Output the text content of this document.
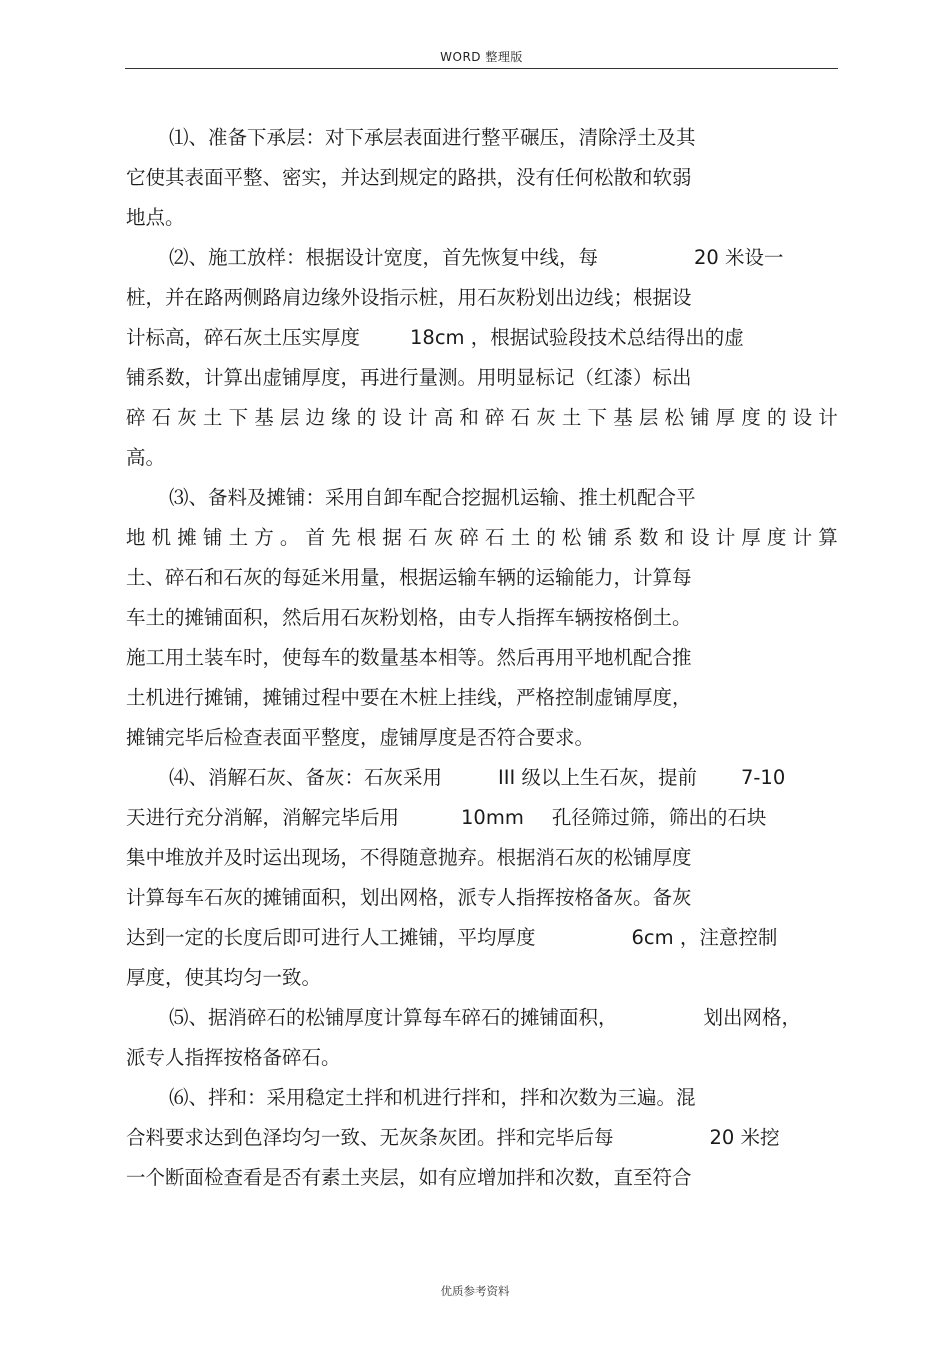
WORD 整理版
⑴、准备下承层：对下承层表面进行整平碾压，清除浮土及其
它使其表面平整、密实，并达到规定的路拱，没有任何松散和软弱
地点。
⑵、施工放样：根据设计宽度，首先恢复中线，每	20 米设一
桩，并在路两侧路肩边缘外设指示桩，用石灰粉划出边线；根据设
计标高，碎石灰土压实厚度	18cm ，根据试验段技术总结得出的虚
铺系数，计算出虚铺厚度，再进行量测。用明显标记（红漆）标出
碎 石 灰 土 下 基 层 边 缘 的 设 计 高 和 碎 石 灰 土 下 基 层 松 铺 厚 度 的 设 计
高。
⑶、备料及摊铺：采用自卸车配合挖掘机运输、推土机配合平
地 机 摊 铺 土 方 。 首 先 根 据 石 灰 碎 石 土 的 松 铺 系 数 和 设 计 厚 度 计 算
土、碎石和石灰的每延米用量，根据运输车辆的运输能力，计算每
车土的摊铺面积，然后用石灰粉划格，由专人指挥车辆按格倒土。
施工用土装车时，使每车的数量基本相等。然后再用平地机配合推
土机进行摊铺，摊铺过程中要在木桩上挂线，严格控制虚铺厚度，
摊铺完毕后检查表面平整度，虚铺厚度是否符合要求。
⑷、消解石灰、备灰：石灰采用	III 级以上生石灰，提前 7-10
天进行充分消解，消解完毕后用	10mm 孔径筛过筛，筛出的石块
集中堆放并及时运出现场，不得随意抛弃。根据消石灰的松铺厚度
计算每车石灰的摊铺面积，划出网格，派专人指挥按格备灰。备灰
达到一定的长度后即可进行人工摊铺，平均厚度	6cm ，注意控制
厚度，使其均匀一致。
⑸、据消碎石的松铺厚度计算每车碎石的摊铺面积，	划出网格，
派专人指挥按格备碎石。
⑹、拌和：采用稳定土拌和机进行拌和，拌和次数为三遍。混
合料要求达到色泽均匀一致、无灰条灰团。拌和完毕后每	20 米挖
一个断面检查看是否有素土夹层，如有应增加拌和次数，直至符合
优质参考资料
